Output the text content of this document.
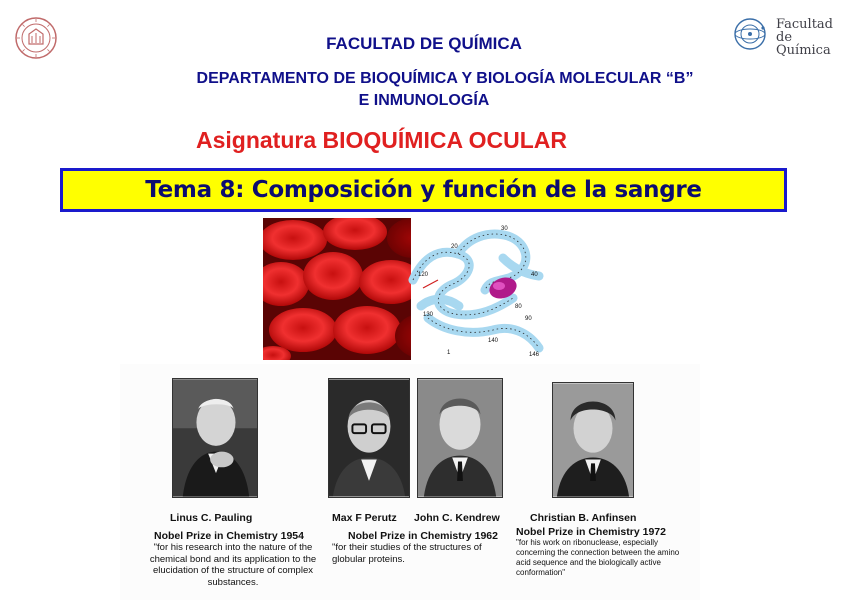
Facultad
de Química
FACULTAD DE QUÍMICA
DEPARTAMENTO DE BIOQUÍMICA Y BIOLOGÍA MOLECULAR “B”
E INMUNOLOGÍA
Asignatura BIOQUÍMICA OCULAR
Tema 8: Composición y función de la sangre
120
20
30
40
130
80
90
140
146
1
Linus C. Pauling	Max F Perutz John C. Kendrew	Christian B. Anfinsen
Nobel Prize in Chemistry 1954	Nobel Prize in Chemistry 1962 Nobel Prize in Chemistry 1972
"for his research into the nature of the chemical bond and its application to the elucidation of the structure of complex substances.
"for their studies of the structures of globular proteins.
"for his work on ribonuclease, especially concerning the connection between the amino acid sequence and the biologically active conformation"
